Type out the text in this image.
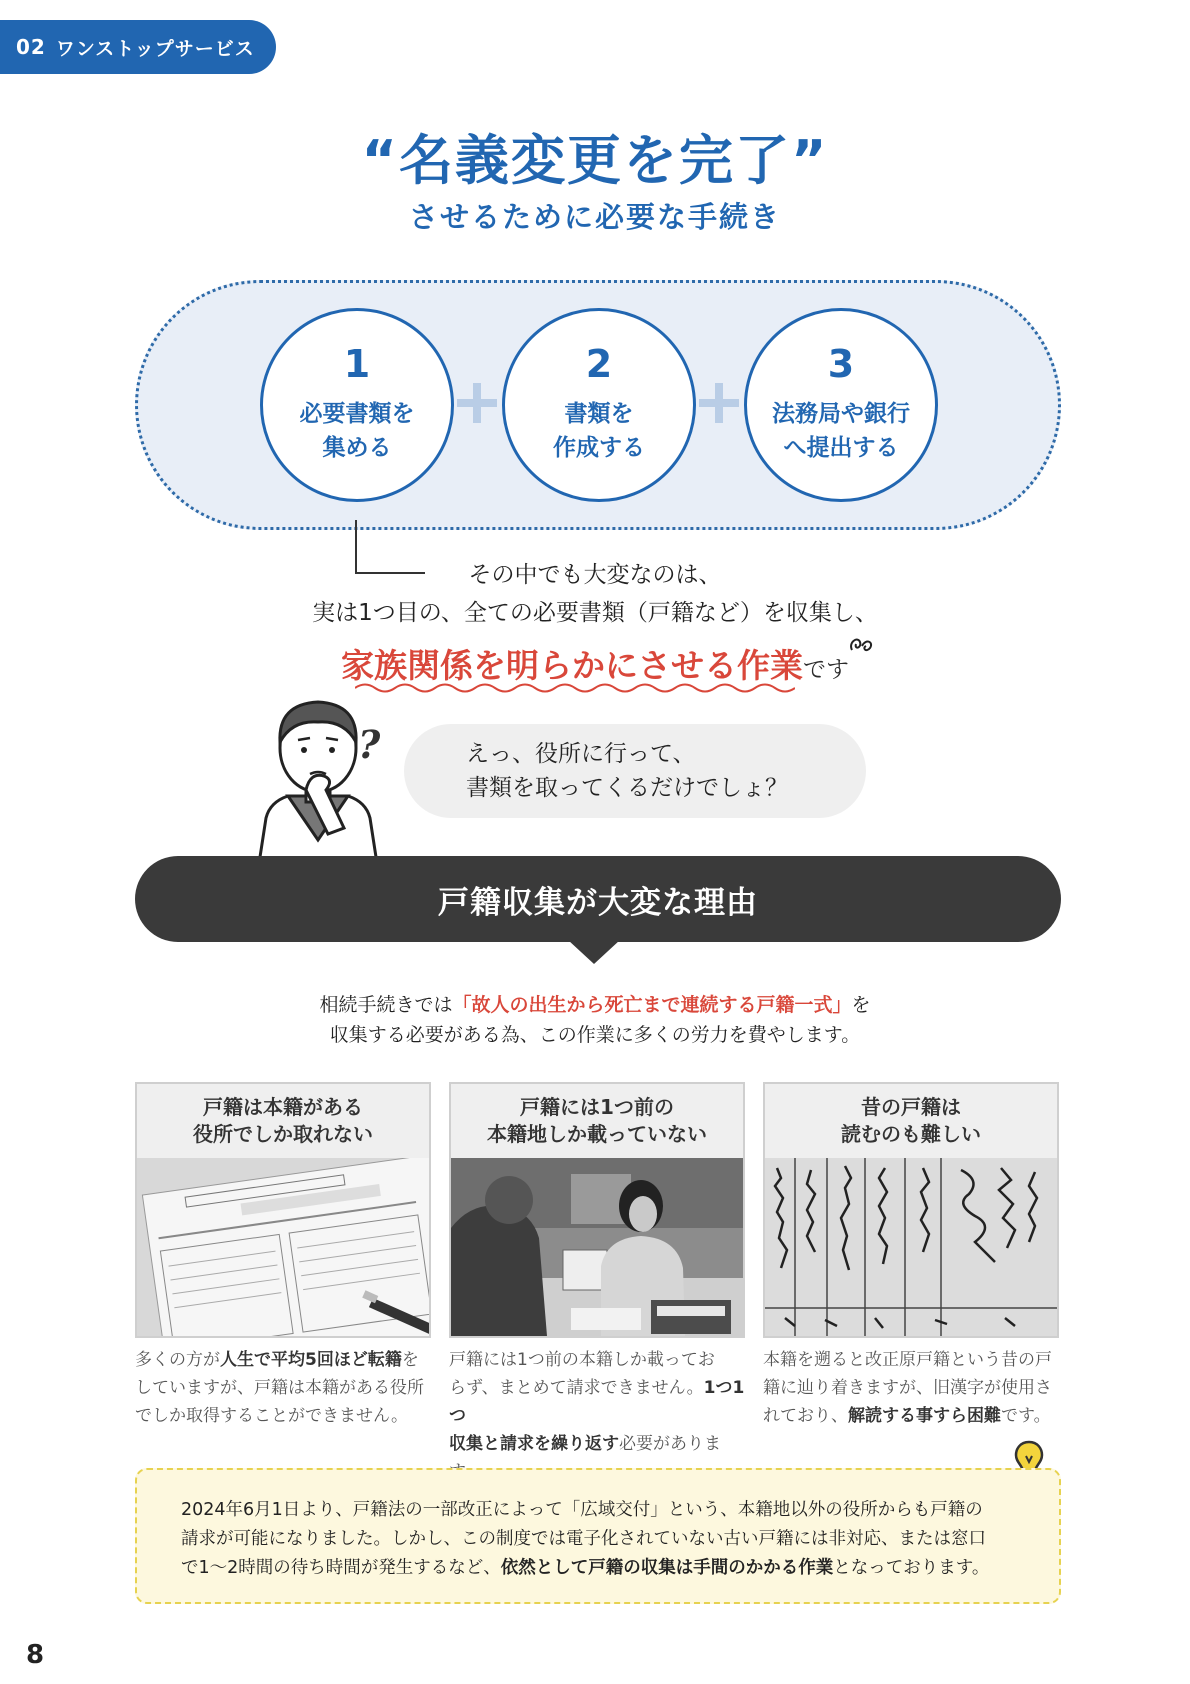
02 ワンストップサービス
“名義変更を完了”
させるために必要な手続き
1
必要書類を
集める
2
書類を
作成する
3
法務局や銀行
へ提出する
その中でも大変なのは、
実は1つ目の、全ての必要書類（戸籍など）を収集し、
家族関係を明らかにさせる作業です
?	えっ、役所に行って、
書類を取ってくるだけでしょ？
戸籍収集が大変な理由
相続手続きでは「故人の出生から死亡まで連続する戸籍一式」を
収集する必要がある為、この作業に多くの労力を費やします。
戸籍は本籍がある
役所でしか取れない
戸籍には1つ前の
本籍地しか載っていない
昔の戸籍は
読むのも難しい
多くの方が人生で平均5回ほど転籍を
していますが、戸籍は本籍がある役所
でしか取得することができません。
戸籍には1つ前の本籍しか載ってお
らず、まとめて請求できません。1つ1つ
収集と請求を繰り返す必要がありま
本籍を遡ると改正原戸籍という昔の戸
籍に辿り着きますが、旧漢字が使用さ
れており、解読する事すら困難です。
2024年6月1日より、戸籍法の一部改正によって「広域交付」という、本籍地以外の役所からも戸籍の
請求が可能になりました。しかし、この制度では電子化されていない古い戸籍には非対応、または窓口
で1～2時間の待ち時間が発生するなど、依然として戸籍の収集は手間のかかる作業となっております。
8
